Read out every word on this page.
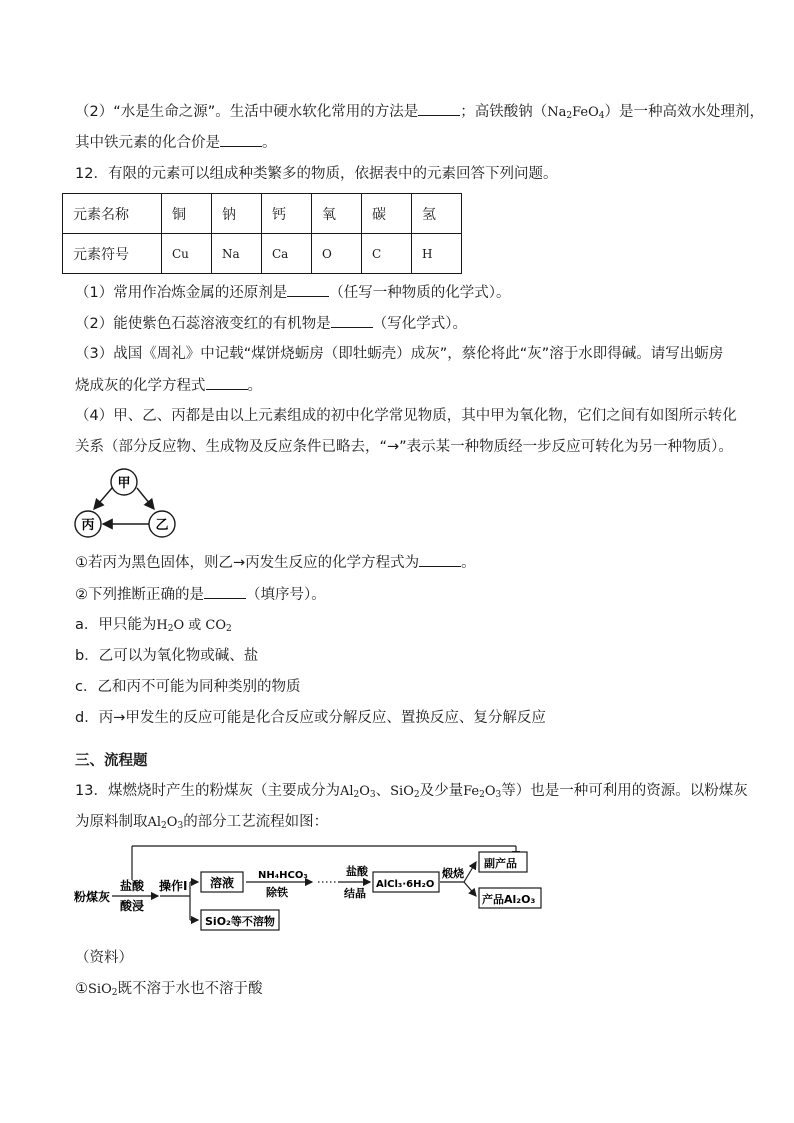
（2）“水是生命之源”。生活中硬水软化常用的方法是	；高铁酸钠$(Na_2FeO_4)$是一种高效水处理剂，
其中铁元素的化合价是	。
12．有限的元素可以组成种类繁多的物质，依据表中的元素回答下列问题。
元素名称	铜	钠	钙	氧	碳	氢
元素符号	Cu	Na	Ca	O	C	H
（1）常用作冶炼金属的还原剂是	（任写一种物质的化学式）。
（2）能使紫色石蕊溶液变红的有机物是	（写化学式）。
（3）战国《周礼》中记载“煤饼烧蛎房（即牡蛎壳）成灰”，蔡伦将此“灰”溶于水即得碱。请写出蛎房
烧成灰的化学方程式	。
（4）甲、乙、丙都是由以上元素组成的初中化学常见物质，其中甲为氧化物，它们之间有如图所示转化
关系（部分反应物、生成物及反应条件已略去，“→”表示某一种物质经一步反应可转化为另一种物质）。
甲
丙	乙
①若丙为黑色固体，则乙→丙发生反应的化学方程式为	。
②下列推断正确的是	（填序号）。
a．甲只能为$H_2O$ 或 $CO_2$
b．乙可以为氧化物或碱、盐
c．乙和丙不可能为同种类别的物质
d．丙→甲发生的反应可能是化合反应或分解反应、置换反应、复分解反应
三、流程题
13．煤燃烧时产生的粉煤灰（主要成分为$Al_2O_3$、SiO$_2$及少量$Fe_2O_3$等）也是一种可利用的资源。以粉煤灰
为原料制取$Al_2O_3$的部分工艺流程如图：
粉煤灰
盐酸
酸浸
操作Ⅰ 溶液
SiO₂等不溶物
NH₄HCO₃
除铁
盐酸
结晶
AlCl₃·6H₂O
煅烧
副产品
产品Al₂O₃
（资料）
①SiO$_2$既不溶于水也不溶于酸
